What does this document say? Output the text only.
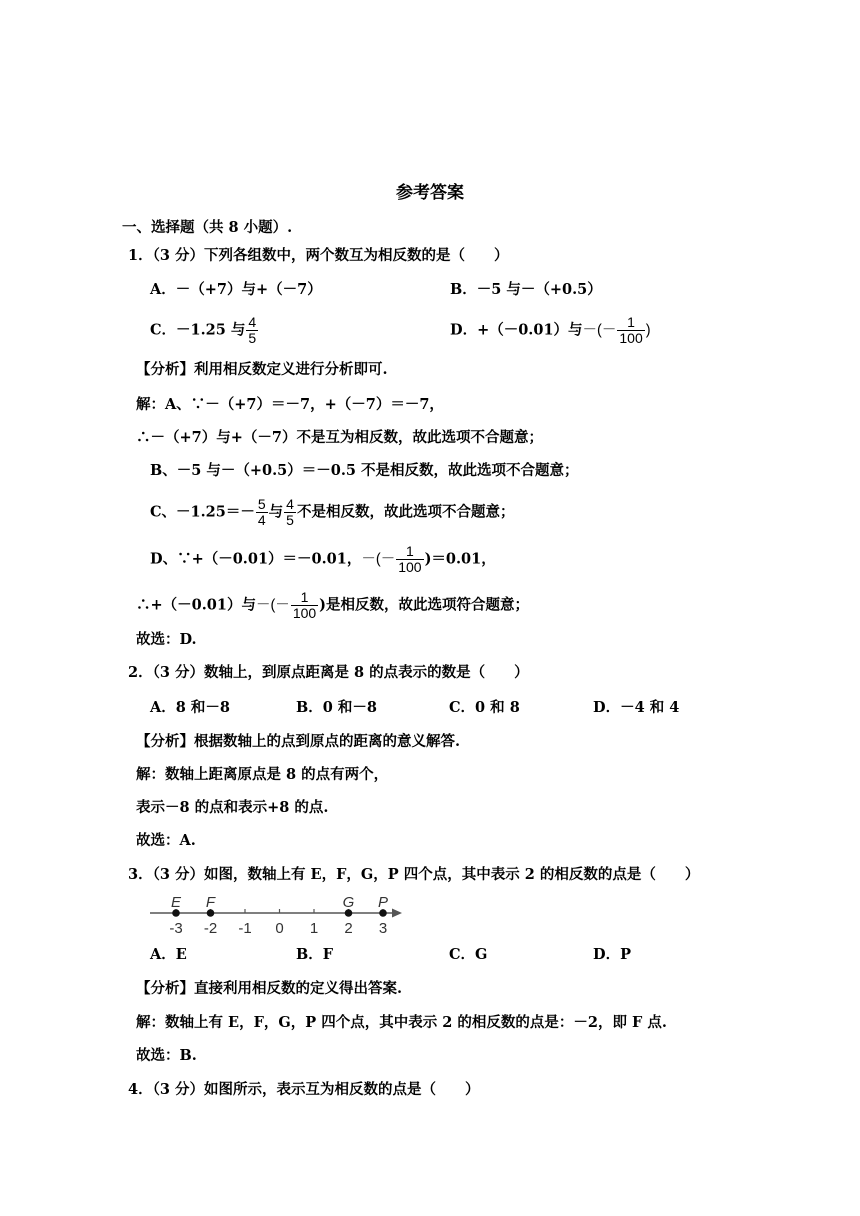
参考答案
一、选择题（共 8 小题）.
1．（3 分）下列各组数中，两个数互为相反数的是（　　）
A．－（+7）与+（－7）	B．－5 与－（+0.5）
C．－1.25 与 $\frac{4}{5}$	D．+（－0.01）与－(－ $\frac{1}{100}$ )
【分析】利用相反数定义进行分析即可.
解：A、∵－（+7）＝－7，+（－7）＝－7，
∴－（+7）与+（－7）不是互为相反数，故此选项不合题意；
B、－5 与－（+0.5）＝－0.5 不是相反数，故此选项不合题意；
C、$-1.25=- \frac{5}{4}$ 与 $\frac{4}{5}$ 不是相反数，故此选项不合题意；
D、∵+（－0.01）＝－0.01，－(－ $\frac{1}{100} )=0.01$，
∴+（－0.01）与－(－ $\frac{1}{100}$ )是相反数，故此选项符合题意；
故选：D.
2．（3 分）数轴上，到原点距离是 8 的点表示的数是（　　）
A．8 和－8	B．0 和－8	C．0 和 8	D．－4 和 4
【分析】根据数轴上的点到原点的距离的意义解答.
解：数轴上距离原点是 8 的点有两个，
表示－8 的点和表示+8 的点.
故选：A.
3．（3 分）如图，数轴上有 E，F，G，P 四个点，其中表示 2 的相反数的点是（　　）
-3 -2 -1 0 1 2 3
E F	G P
A．E	B．F	C．G	D．P
【分析】直接利用相反数的定义得出答案.
解：数轴上有 E，F，G，P 四个点，其中表示 2 的相反数的点是：－2，即 F 点.
故选：B.
4．（3 分）如图所示，表示互为相反数的点是（　　）
